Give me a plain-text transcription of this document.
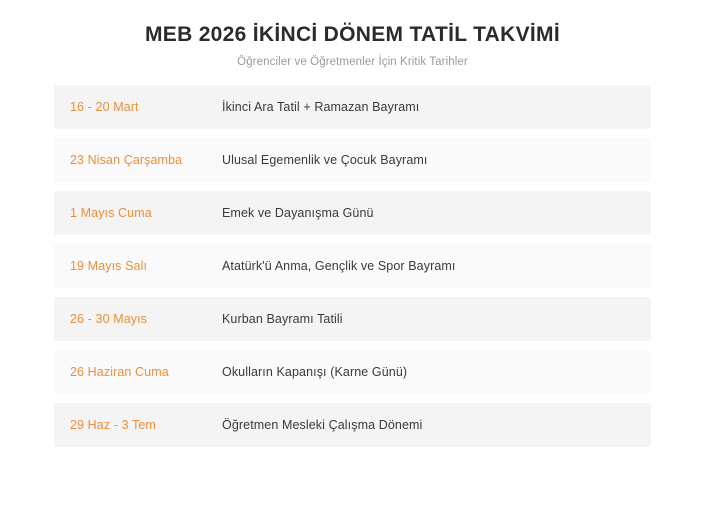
MEB 2026 İKİNCİ DÖNEM TATİL TAKVİMİ
Öğrenciler ve Öğretmenler İçin Kritik Tarihler
16 - 20 Mart	İkinci Ara Tatil + Ramazan Bayramı
23 Nisan Çarşamba	Ulusal Egemenlik ve Çocuk Bayramı
1 Mayıs Cuma	Emek ve Dayanışma Günü
19 Mayıs Salı	Atatürk'ü Anma, Gençlik ve Spor Bayramı
26 - 30 Mayıs	Kurban Bayramı Tatili
26 Haziran Cuma	Okulların Kapanışı (Karne Günü)
29 Haz - 3 Tem	Öğretmen Mesleki Çalışma Dönemi
